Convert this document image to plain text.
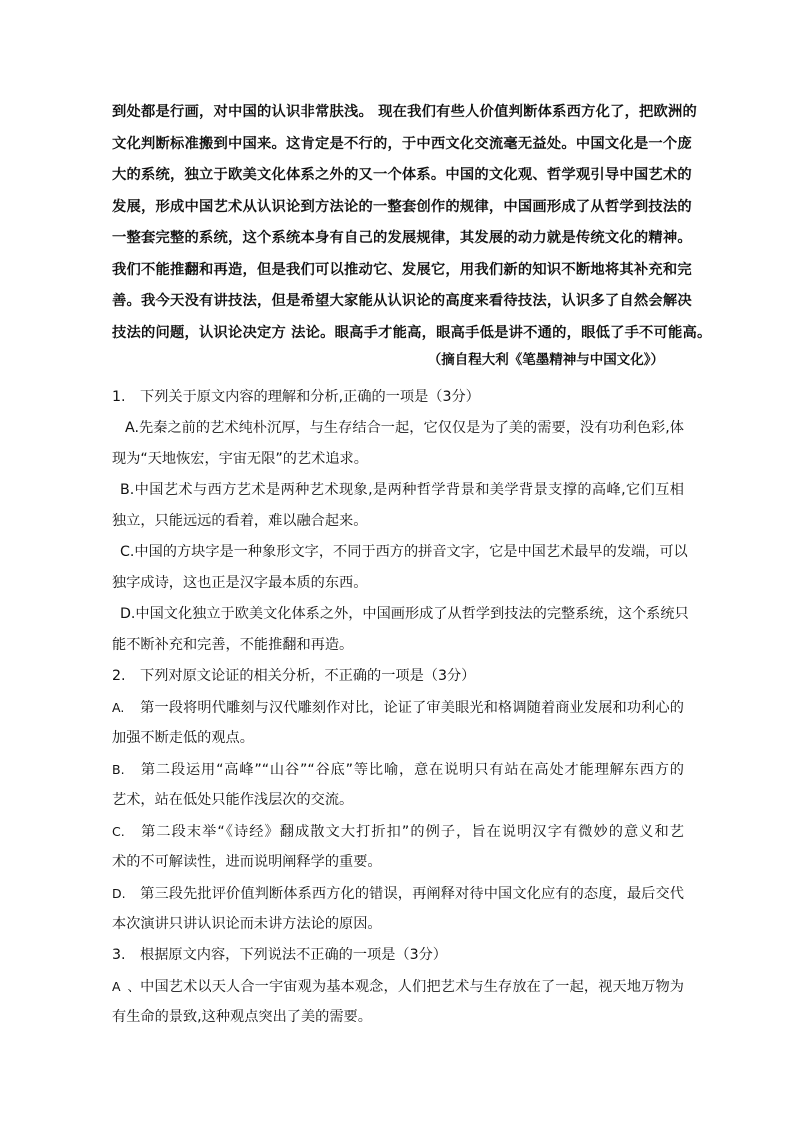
到处都是行画，对中国的认识非常肤浅。 现在我们有些人价值判断体系西方化了，把欧洲的
文化判断标准搬到中国来。这肯定是不行的，于中西文化交流毫无益处。中国文化是一个庞
大的系统，独立于欧美文化体系之外的又一个体系。中国的文化观、哲学观引导中国艺术的
发展，形成中国艺术从认识论到方法论的一整套创作的规律，中国画形成了从哲学到技法的
一整套完整的系统，这个系统本身有自己的发展规律，其发展的动力就是传统文化的精神。
我们不能推翻和再造，但是我们可以推动它、发展它，用我们新的知识不断地将其补充和完
善。我今天没有讲技法，但是希望大家能从认识论的高度来看待技法，认识多了自然会解决
技法的问题，认识论决定方 法论。眼高手才能高，眼高手低是讲不通的，眼低了手不可能高。
（摘自程大利《笔墨精神与中国文化》）
1. 下列关于原文内容的理解和分析,正确的一项是（3分）
A.先秦之前的艺术纯朴沉厚，与生存结合一起，它仅仅是为了美的需要，没有功利色彩,体
现为“天地恢宏，宇宙无限”的艺术追求。
B.中国艺术与西方艺术是两种艺术现象,是两种哲学背景和美学背景支撑的高峰,它们互相
独立，只能远远的看着，难以融合起来。
C.中国的方块字是一种象形文字，不同于西方的拼音文字，它是中国艺术最早的发端，可以
独字成诗，这也正是汉字最本质的东西。
D.中国文化独立于欧美文化体系之外，中国画形成了从哲学到技法的完整系统，这个系统只
能不断补充和完善，不能推翻和再造。
2. 下列对原文论证的相关分析，不正确的一项是（3分）
A. 第一段将明代雕刻与汉代雕刻作对比，论证了审美眼光和格调随着商业发展和功利心的
加强不断走低的观点。
B. 第二段运用“高峰”“山谷”“谷底”等比喻，意在说明只有站在高处才能理解东西方的
艺术，站在低处只能作浅层次的交流。
C. 第二段末举“《诗经》翻成散文大打折扣”的例子，旨在说明汉字有微妙的意义和艺
术的不可解读性，进而说明阐释学的重要。
D. 第三段先批评价值判断体系西方化的错误，再阐释对待中国文化应有的态度，最后交代
本次演讲只讲认识论而未讲方法论的原因。
3. 根据原文内容，下列说法不正确的一项是（3分）
A、中国艺术以天人合一宇宙观为基本观念，人们把艺术与生存放在了一起，视天地万物为
有生命的景致,这种观点突出了美的需要。
